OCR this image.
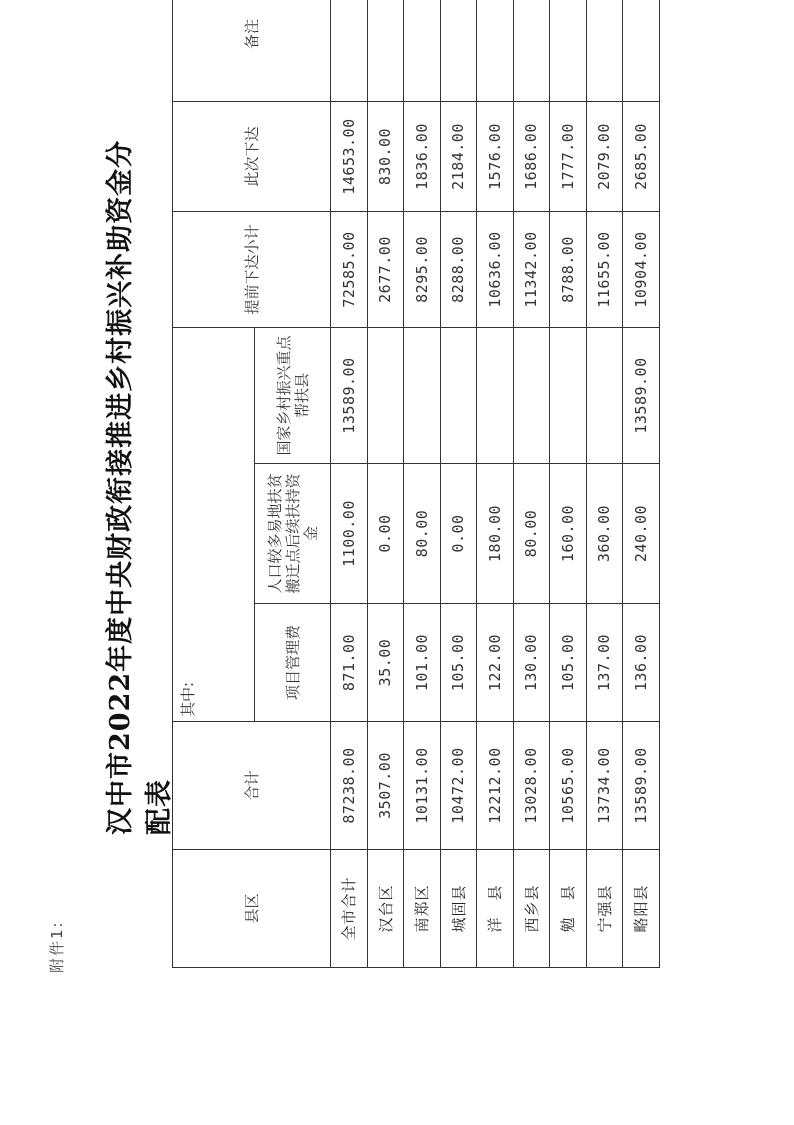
附件1:
汉中市2022年度中央财政衔接推进乡村振兴补助资金分配表
县区	合计	其中:			提前下达小计	此次下达	备注
		项目管理费	人口较多易地扶贫搬迁点后续扶持资金	国家乡村振兴重点帮扶县			
全市合计	87238.00	871.00	1100.00	13589.00	72585.00	14653.00	
汉台区	3507.00	35.00	0.00		2677.00	830.00	
南郑区	10131.00	101.00	80.00		8295.00	1836.00	
城固县	10472.00	105.00	0.00		8288.00	2184.00	
洋　县	12212.00	122.00	180.00		10636.00	1576.00	
西乡县	13028.00	130.00	80.00		11342.00	1686.00	
勉　县	10565.00	105.00	160.00		8788.00	1777.00	
宁强县	13734.00	137.00	360.00		11655.00	2079.00	
略阳县	13589.00	136.00	240.00	13589.00	10904.00	2685.00	
